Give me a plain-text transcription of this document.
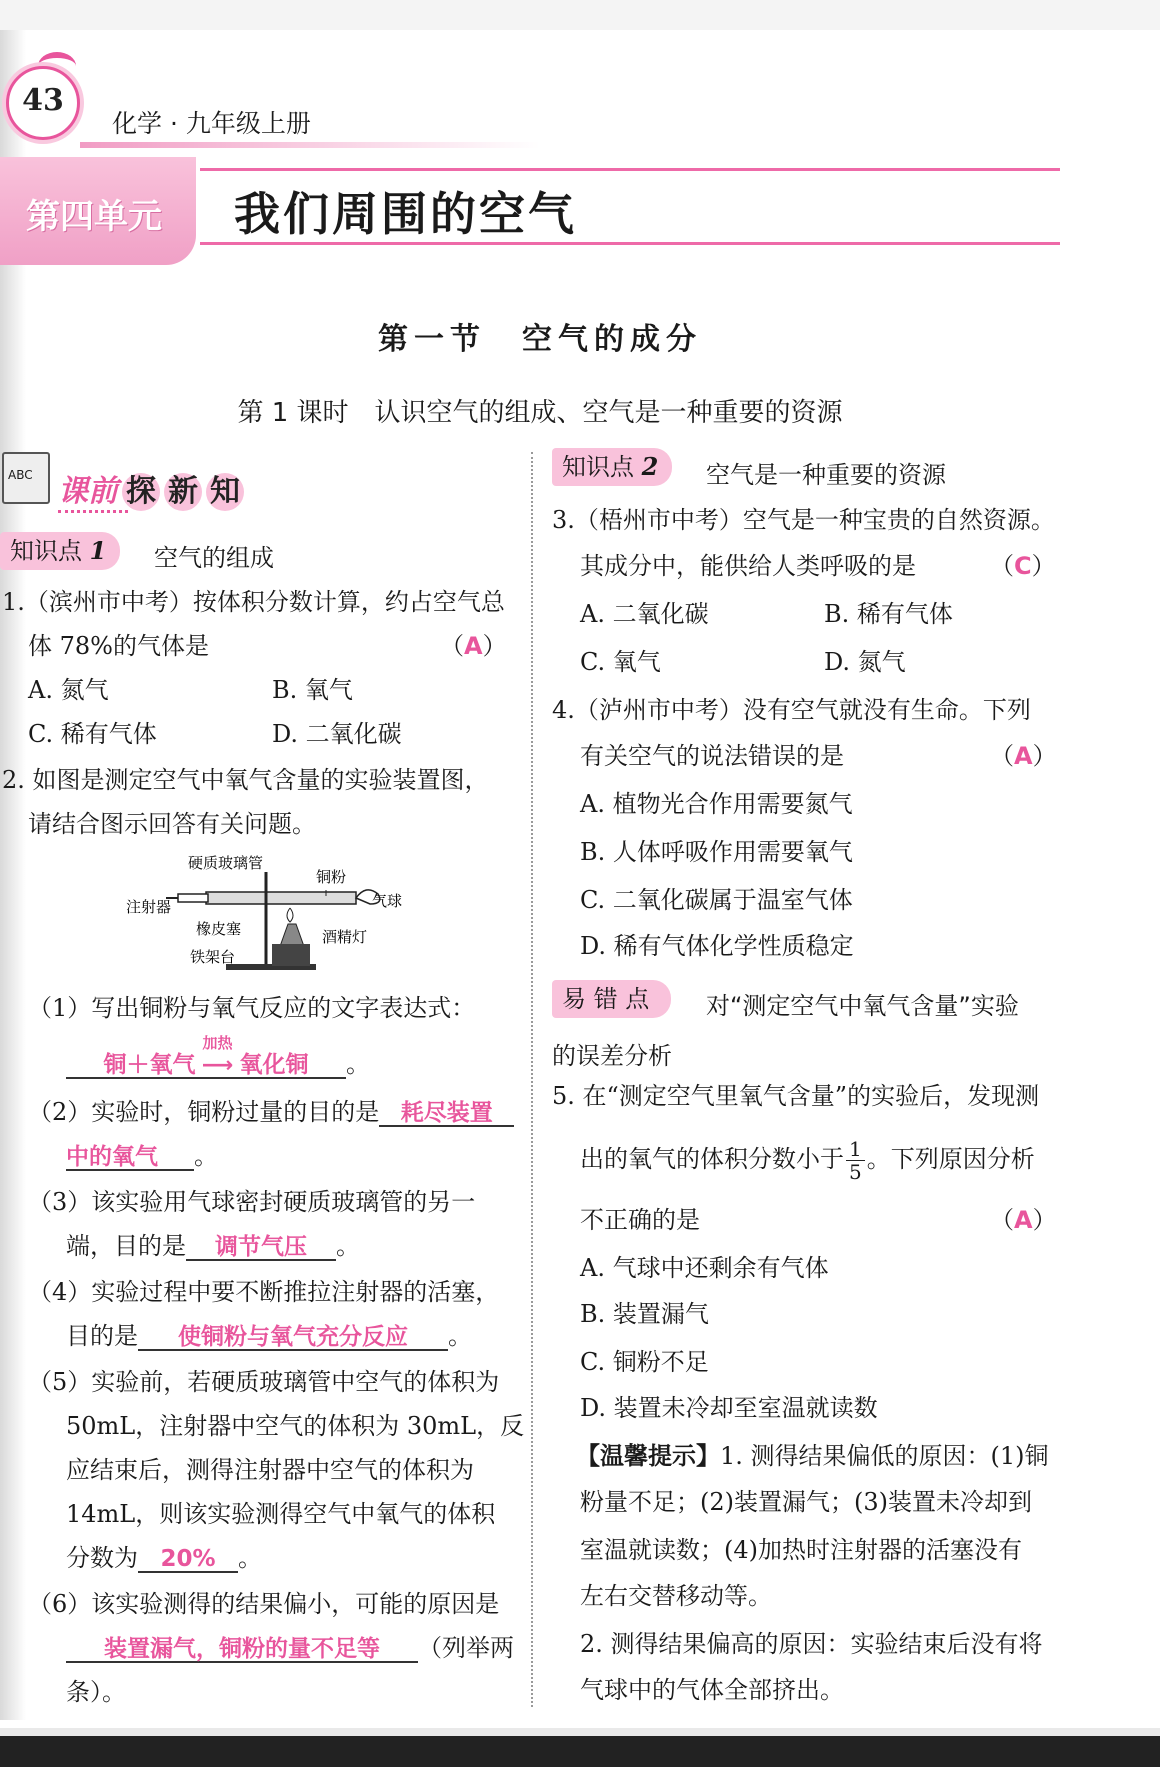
43
化学 · 九年级上册
第四单元 我们周围的空气
第一节　空气的成分
第 1 课时　认识空气的组成、空气是一种重要的资源
ABC 课前 探 新 知
知识点 1	空气的组成
1.（滨州市中考）按体积分数计算，约占空气总
体 78%的气体是	（A）
A. 氮气	B. 氧气
C. 稀有气体	D. 二氧化碳
2. 如图是测定空气中氧气含量的实验装置图，
请结合图示回答有关问题。
硬质玻璃管
铜粉
注射器	气球
橡皮塞	酒精灯
铁架台
（1）写出铜粉与氧气反应的文字表达式：
铜＋氧气
加热
⟶ 氧化铜 。
（2）实验时，铜粉过量的目的是 耗尽装置
中的氧气 。
（3）该实验用气球密封硬质玻璃管的另一
端，目的是 调节气压 。
（4）实验过程中要不断推拉注射器的活塞，
目的是 使铜粉与氧气充分反应 。
（5）实验前，若硬质玻璃管中空气的体积为
50mL，注射器中空气的体积为 30mL，反
应结束后，测得注射器中空气的体积为
14mL，则该实验测得空气中氧气的体积
分数为 20% 。
（6）该实验测得的结果偏小，可能的原因是
装置漏气，铜粉的量不足等 （列举两
条）。
知识点 2	空气是一种重要的资源
3.（梧州市中考）空气是一种宝贵的自然资源。
其成分中，能供给人类呼吸的是	（C）
A. 二氧化碳	B. 稀有气体
C. 氧气	D. 氮气
4.（泸州市中考）没有空气就没有生命。下列
有关空气的说法错误的是	（A）
A. 植物光合作用需要氮气
B. 人体呼吸作用需要氧气
C. 二氧化碳属于温室气体
D. 稀有气体化学性质稳定
易 错 点	对“测定空气中氧气含量”实验
的误差分析
5. 在“测定空气里氧气含量”的实验后，发现测
出的氧气的体积分数小于 $\frac{1}{5}$ 。下列原因分析
不正确的是	（A）
A. 气球中还剩余有气体
B. 装置漏气
C. 铜粉不足
D. 装置未冷却至室温就读数
【温馨提示】1. 测得结果偏低的原因：(1)铜
粉量不足；(2)装置漏气；(3)装置未冷却到
室温就读数；(4)加热时注射器的活塞没有
左右交替移动等。
2. 测得结果偏高的原因：实验结束后没有将
气球中的气体全部挤出。
